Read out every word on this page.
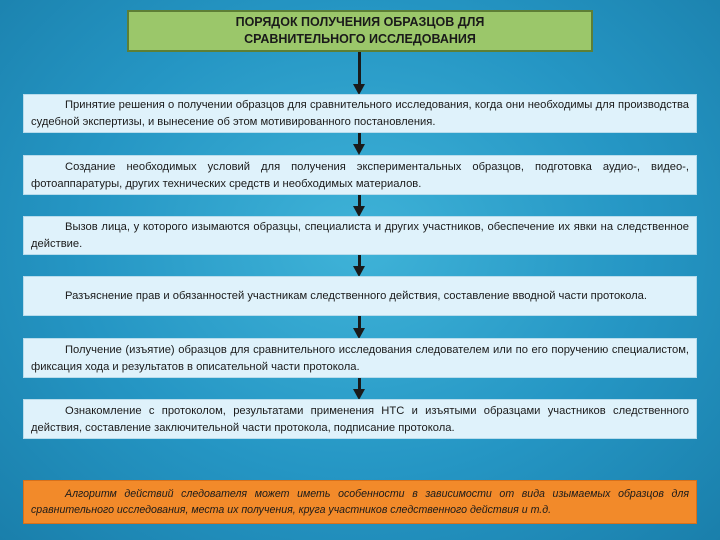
ПОРЯДОК ПОЛУЧЕНИЯ ОБРАЗЦОВ ДЛЯ
СРАВНИТЕЛЬНОГО ИССЛЕДОВАНИЯ

Принятие решения о получении образцов для сравнительного исследования, когда они необходимы для производства судебной экспертизы, и вынесение об этом мотивированного постановления.

Создание необходимых условий для получения экспериментальных образцов, подготовка аудио-, видео-, фотоаппаратуры, других технических средств и необходимых материалов.

Вызов лица, у которого изымаются образцы, специалиста и других участников, обеспечение их явки на следственное действие.

Разъяснение прав и обязанностей участникам следственного действия, составление вводной части протокола.

Получение (изъятие) образцов для сравнительного исследования следователем или по его поручению специалистом, фиксация хода и результатов в описательной части протокола.

Ознакомление с протоколом, результатами применения НТС и изъятыми образцами участников следственного действия, составление заключительной части протокола, подписание протокола.

Алгоритм действий следователя может иметь особенности в зависимости от вида изымаемых образцов для сравнительного исследования, места их получения, круга участников следственного действия и т.д.
